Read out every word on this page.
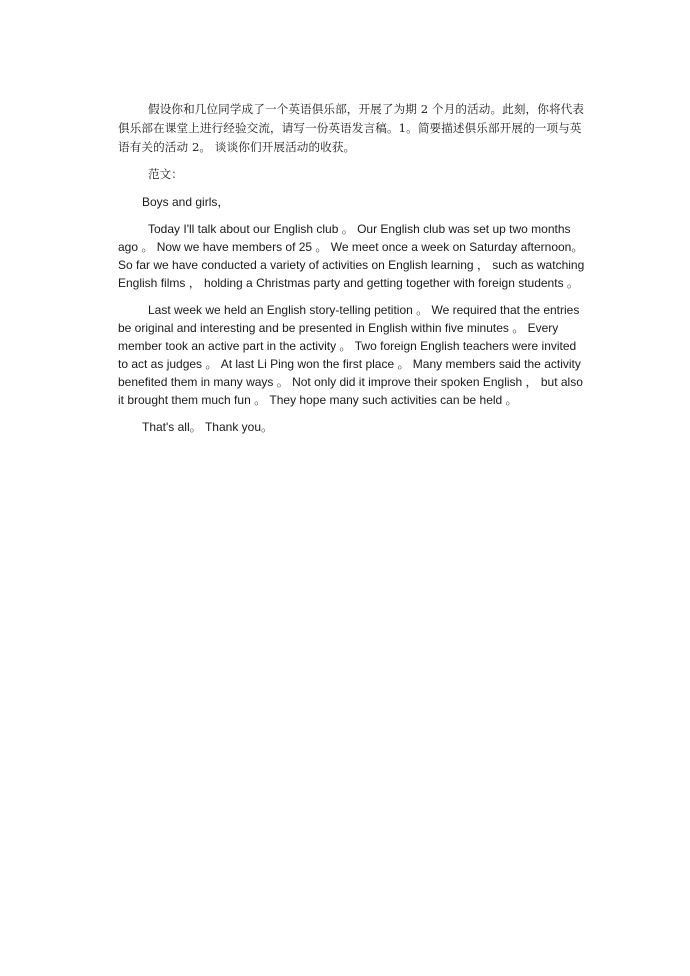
假设你和几位同学成了一个英语俱乐部，开展了为期 2 个月的活动。此刻，你将代表俱乐部在课堂上进行经验交流，请写一份英语发言稿。1。简要描述俱乐部开展的一项与英语有关的活动 2。 谈谈你们开展活动的收获。

范文：

Boys and girls，

Today I'll talk about our English club 。 Our English club was set up two months ago 。 Now we have members of 25 。 We meet once a week on Saturday afternoon。 So far we have conducted a variety of activities on English learning ， such as watching English films ， holding a Christmas party and getting together with foreign students 。

Last week we held an English story-telling petition 。 We required that the entries be original and interesting and be presented in English within five minutes 。 Every member took an active part in the activity 。 Two foreign English teachers were invited to act as judges 。 At last Li Ping won the first place 。 Many members said the activity benefited them in many ways 。 Not only did it improve their spoken English ， but also it brought them much fun 。 They hope many such activities can be held 。

That's all。 Thank you。
